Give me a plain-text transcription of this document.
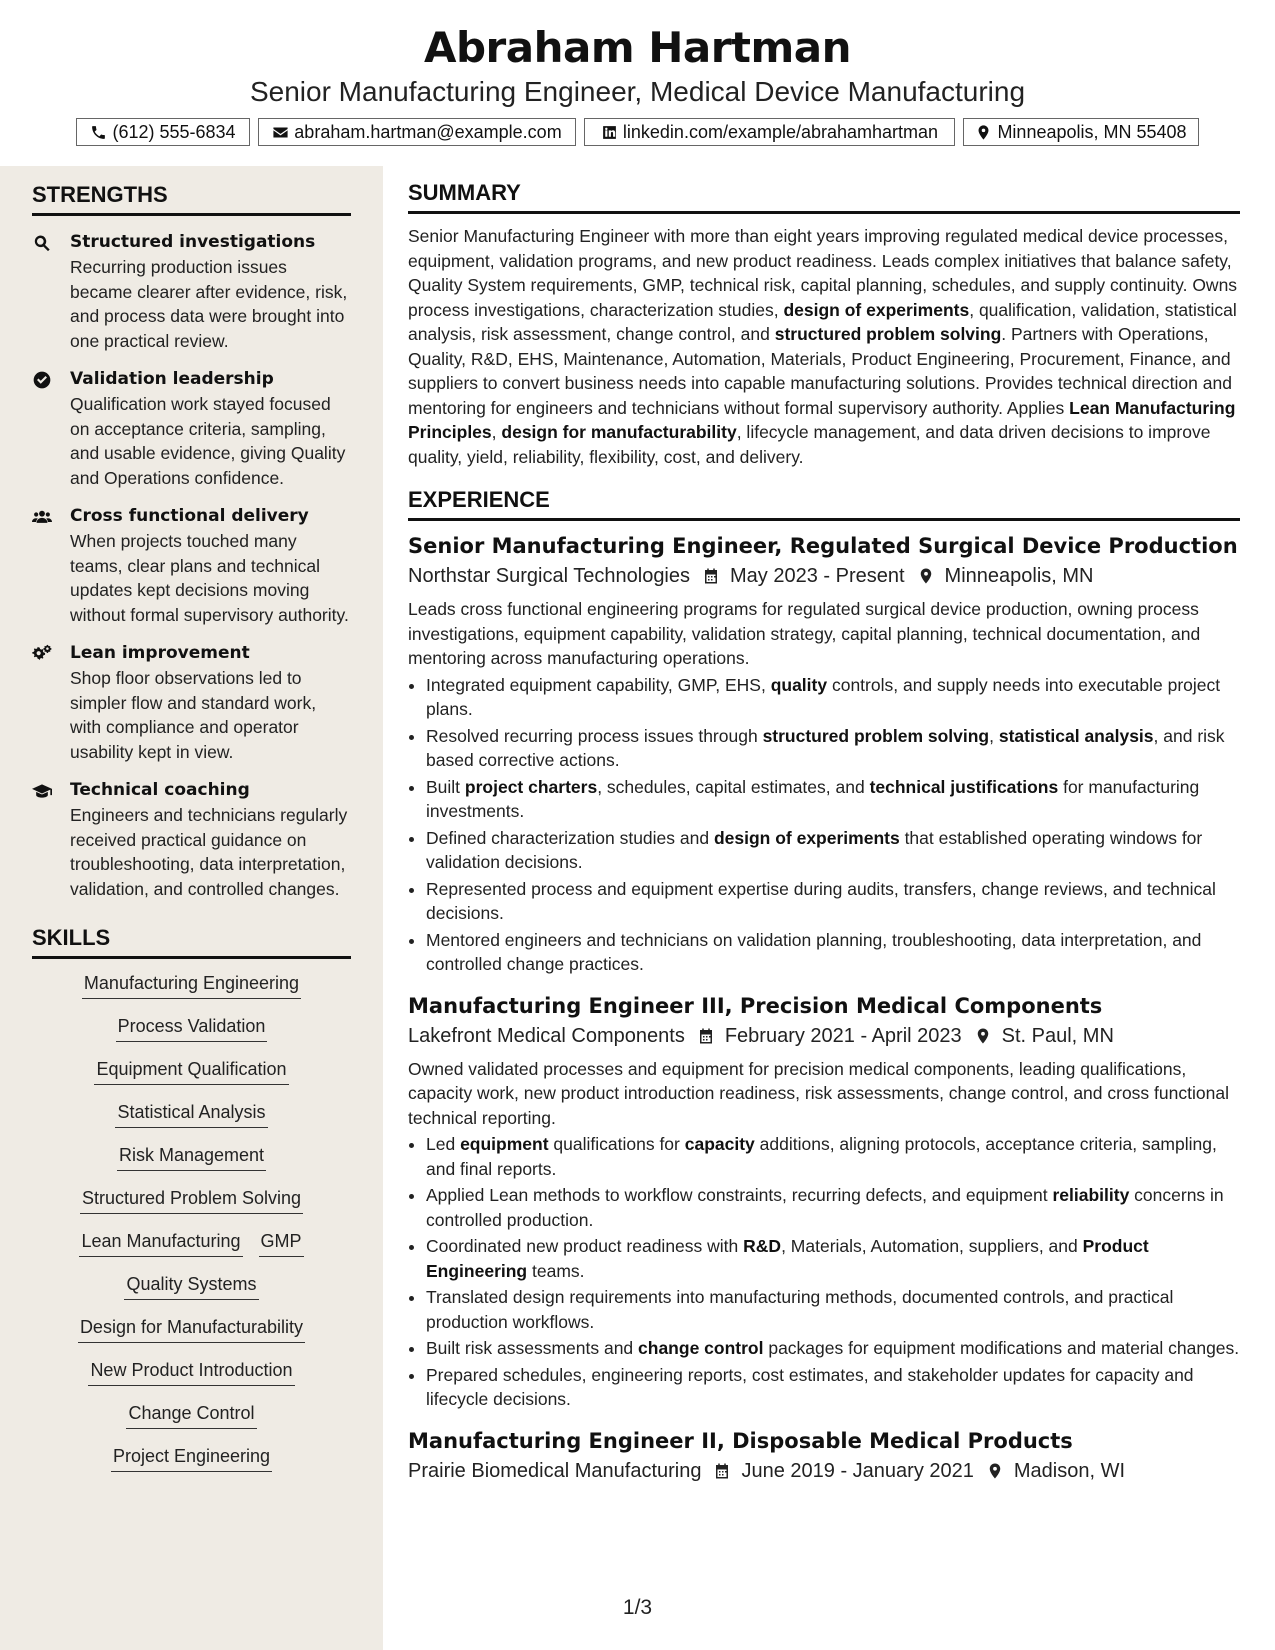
Abraham Hartman
Senior Manufacturing Engineer, Medical Device Manufacturing
(612) 555-6834	abraham.hartman@example.com	linkedin.com/example/abrahamhartman	Minneapolis, MN 55408
STRENGTHS
Structured investigations
Recurring production issues became clearer after evidence, risk, and process data were brought into one practical review.
Validation leadership
Qualification work stayed focused on acceptance criteria, sampling, and usable evidence, giving Quality and Operations confidence.
Cross functional delivery
When projects touched many teams, clear plans and technical updates kept decisions moving without formal supervisory authority.
Lean improvement
Shop floor observations led to simpler flow and standard work, with compliance and operator usability kept in view.
Technical coaching
Engineers and technicians regularly received practical guidance on troubleshooting, data interpretation, validation, and controlled changes.
SKILLS
Manufacturing Engineering
Process Validation
Equipment Qualification
Statistical Analysis
Risk Management
Structured Problem Solving
Lean Manufacturing GMP
Quality Systems
Design for Manufacturability
New Product Introduction
Change Control
Project Engineering
SUMMARY
Senior Manufacturing Engineer with more than eight years improving regulated medical device processes, equipment, validation programs, and new product readiness. Leads complex initiatives that balance safety, Quality System requirements, GMP, technical risk, capital planning, schedules, and supply continuity. Owns process investigations, characterization studies, design of experiments, qualification, validation, statistical analysis, risk assessment, change control, and structured problem solving. Partners with Operations, Quality, R&D, EHS, Maintenance, Automation, Materials, Product Engineering, Procurement, Finance, and suppliers to convert business needs into capable manufacturing solutions. Provides technical direction and mentoring for engineers and technicians without formal supervisory authority. Applies Lean Manufacturing Principles, design for manufacturability, lifecycle management, and data driven decisions to improve quality, yield, reliability, flexibility, cost, and delivery.
EXPERIENCE
Senior Manufacturing Engineer, Regulated Surgical Device Production
Northstar Surgical Technologies May 2023 - Present Minneapolis, MN
Leads cross functional engineering programs for regulated surgical device production, owning process investigations, equipment capability, validation strategy, capital planning, technical documentation, and mentoring across manufacturing operations.
• Integrated equipment capability, GMP, EHS, quality controls, and supply needs into executable project plans.
• Resolved recurring process issues through structured problem solving, statistical analysis, and risk based corrective actions.
• Built project charters, schedules, capital estimates, and technical justifications for manufacturing investments.
• Defined characterization studies and design of experiments that established operating windows for validation decisions.
• Represented process and equipment expertise during audits, transfers, change reviews, and technical decisions.
• Mentored engineers and technicians on validation planning, troubleshooting, data interpretation, and controlled change practices.
Manufacturing Engineer III, Precision Medical Components
Lakefront Medical Components February 2021 - April 2023 St. Paul, MN
Owned validated processes and equipment for precision medical components, leading qualifications, capacity work, new product introduction readiness, risk assessments, change control, and cross functional technical reporting.
• Led equipment qualifications for capacity additions, aligning protocols, acceptance criteria, sampling, and final reports.
• Applied Lean methods to workflow constraints, recurring defects, and equipment reliability concerns in controlled production.
• Coordinated new product readiness with R&D, Materials, Automation, suppliers, and Product Engineering teams.
• Translated design requirements into manufacturing methods, documented controls, and practical production workflows.
• Built risk assessments and change control packages for equipment modifications and material changes.
• Prepared schedules, engineering reports, cost estimates, and stakeholder updates for capacity and lifecycle decisions.
Manufacturing Engineer II, Disposable Medical Products
Prairie Biomedical Manufacturing June 2019 - January 2021 Madison, WI
1/3
